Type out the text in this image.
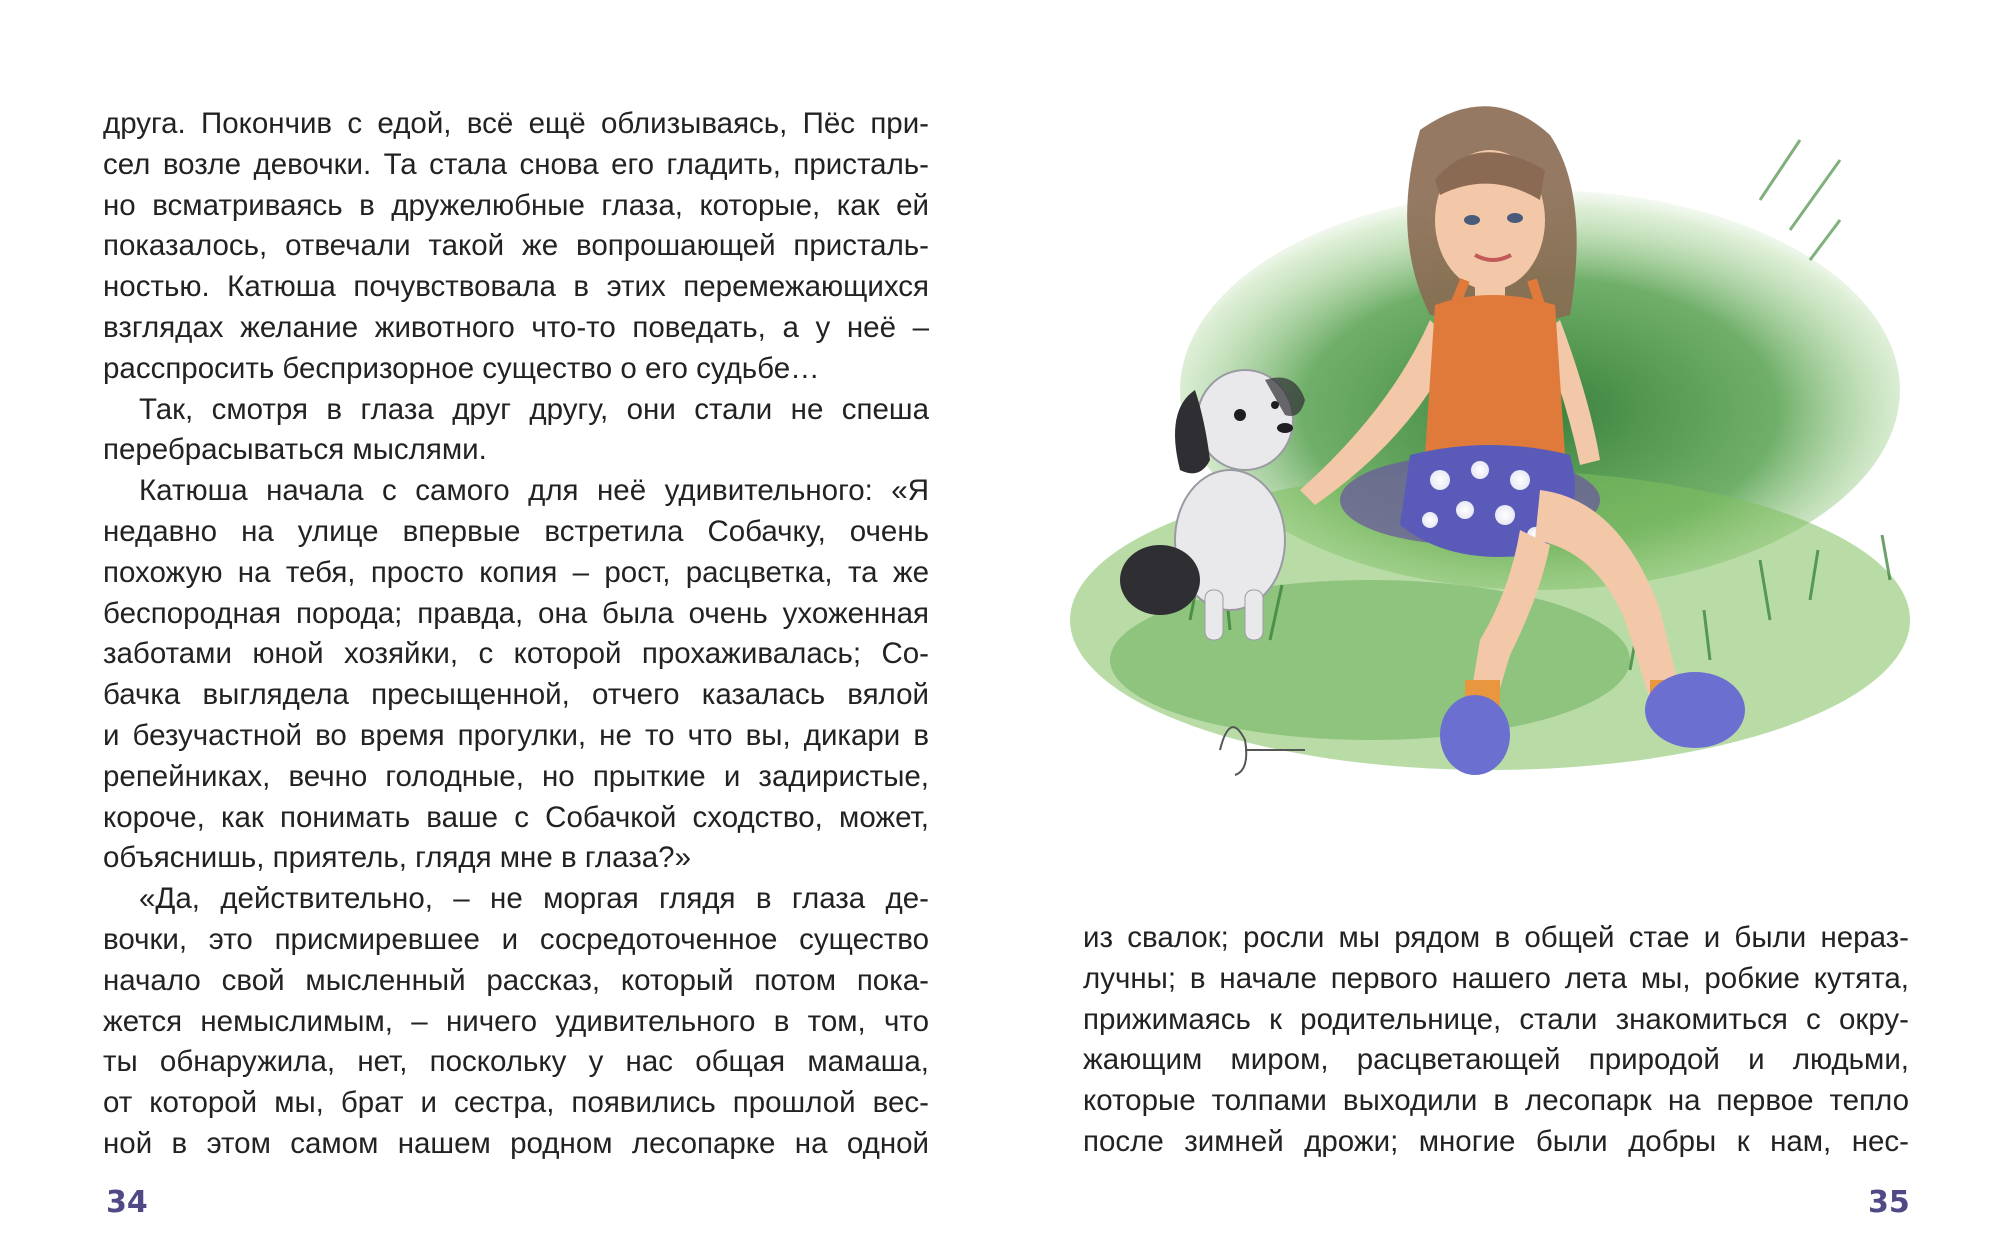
друга. Покончив с едой, всё ещё облизываясь, Пёс при-
сел возле девочки. Та стала снова его гладить, присталь-
но всматриваясь в дружелюбные глаза, которые, как ей
показалось, отвечали такой же вопрошающей присталь-
ностью. Катюша почувствовала в этих перемежающихся
взглядах желание животного что-то поведать, а у неё –
расспросить беспризорное существо о его судьбе…
Так, смотря в глаза друг другу, они стали не спеша
перебрасываться мыслями.
Катюша начала с самого для неё удивительного: «Я
недавно на улице впервые встретила Собачку, очень
похожую на тебя, просто копия – рост, расцветка, та же
беспородная порода; правда, она была очень ухоженная
заботами юной хозяйки, с которой прохаживалась; Со-
бачка выглядела пресыщенной, отчего казалась вялой
и безучастной во время прогулки, не то что вы, дикари в
репейниках, вечно голодные, но прыткие и задиристые,
короче, как понимать ваше с Собачкой сходство, может,
объяснишь, приятель, глядя мне в глаза?»
«Да, действительно, – не моргая глядя в глаза де-
вочки, это присмиревшее и сосредоточенное существо
начало свой мысленный рассказ, который потом пока-
жется немыслимым, – ничего удивительного в том, что
ты обнаружила, нет, поскольку у нас общая мамаша,
от которой мы, брат и сестра, появились прошлой вес-
ной в этом самом нашем родном лесопарке на одной
34
из свалок; росли мы рядом в общей стае и были нераз-
лучны; в начале первого нашего лета мы, робкие кутята,
прижимаясь к родительнице, стали знакомиться с окру-
жающим миром, расцветающей природой и людьми,
которые толпами выходили в лесопарк на первое тепло
после зимней дрожи; многие были добры к нам, нес-
35
